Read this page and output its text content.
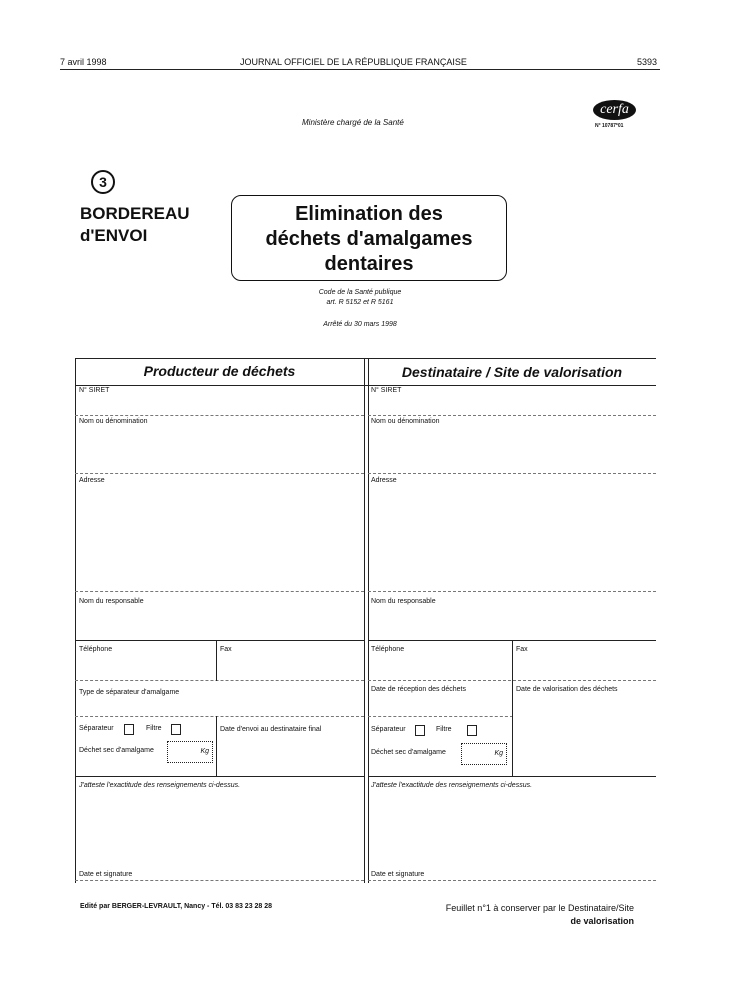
7 avril 1998	JOURNAL OFFICIEL DE LA RÉPUBLIQUE FRANÇAISE	5393
Ministère chargé de la Santé
cerfa
N° 10787*01
3
BORDEREAU
d'ENVOI
Elimination des
déchets d'amalgames
dentaires
Code de la Santé publique
art. R 5152 et R 5161
Arrêté du 30 mars 1998
Producteur de déchets	Destinataire / Site de valorisation
N° SIRET
Nom ou dénomination
Adresse
Nom du responsable
Téléphone	Fax
Type de séparateur d'amalgame
Séparateur	Filtre	Date d'envoi au destinataire final
Déchet sec d'amalgame	Kg
J'atteste l'exactitude des renseignements ci-dessus.
Date et signature
N° SIRET
Nom ou dénomination
Adresse
Nom du responsable
Téléphone	Fax
Date de réception des déchets	Date de valorisation des déchets
Séparateur	Filtre
Déchet sec d'amalgame	Kg
J'atteste l'exactitude des renseignements ci-dessus.
Date et signature
Edité par BERGER-LEVRAULT, Nancy - Tél. 03 83 23 28 28	Feuillet n°1 à conserver par le Destinataire/Site
de valorisation
